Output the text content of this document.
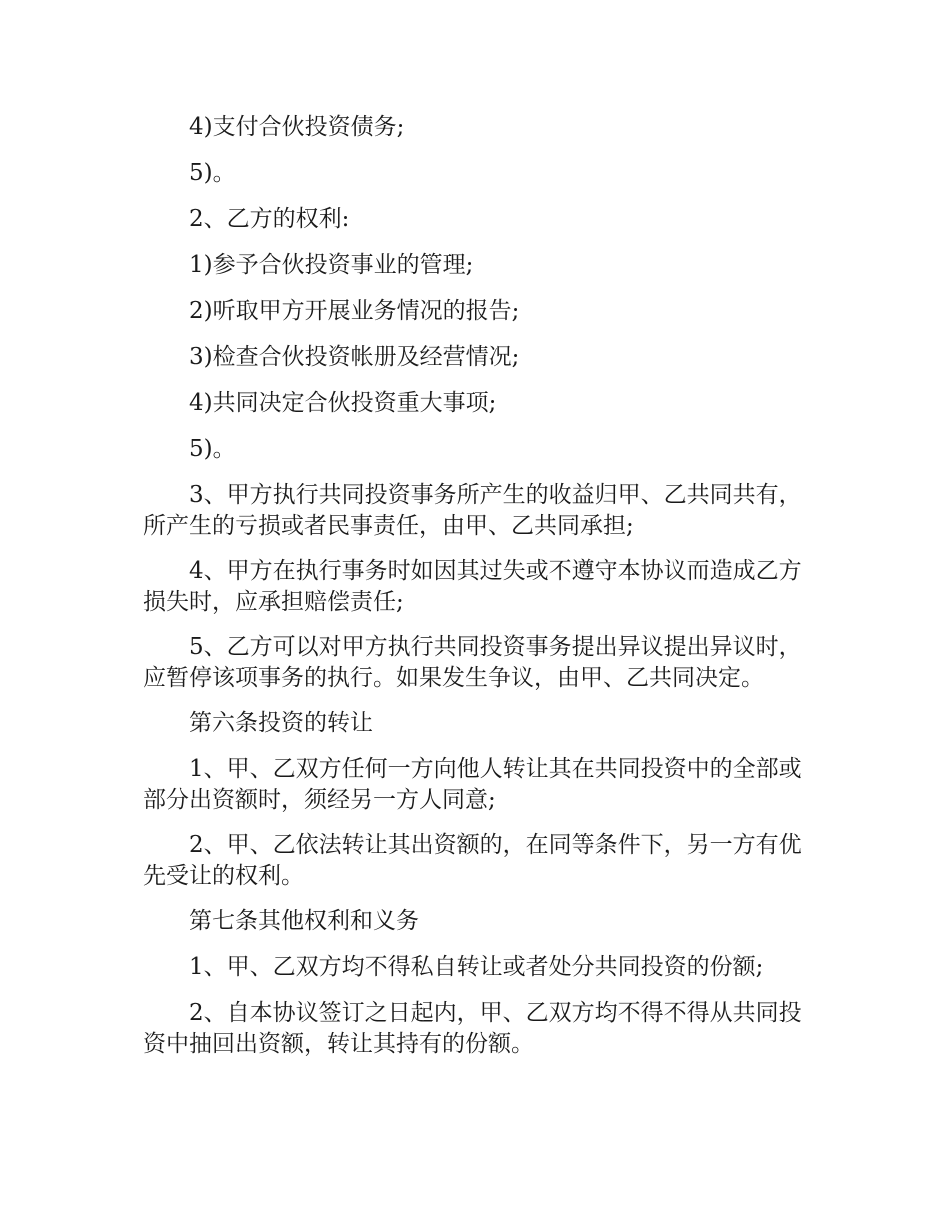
4)支付合伙投资债务;

5)。

2、乙方的权利:

1)参予合伙投资事业的管理;

2)听取甲方开展业务情况的报告;

3)检查合伙投资帐册及经营情况;

4)共同决定合伙投资重大事项;

5)。

3、甲方执行共同投资事务所产生的收益归甲、乙共同共有，所产生的亏损或者民事责任，由甲、乙共同承担;

4、甲方在执行事务时如因其过失或不遵守本协议而造成乙方损失时，应承担赔偿责任;

5、乙方可以对甲方执行共同投资事务提出异议提出异议时，应暂停该项事务的执行。如果发生争议，由甲、乙共同决定。

第六条投资的转让

1、甲、乙双方任何一方向他人转让其在共同投资中的全部或部分出资额时，须经另一方人同意;

2、甲、乙依法转让其出资额的，在同等条件下，另一方有优先受让的权利。

第七条其他权利和义务

1、甲、乙双方均不得私自转让或者处分共同投资的份额;

2、自本协议签订之日起内，甲、乙双方均不得不得从共同投资中抽回出资额，转让其持有的份额。
